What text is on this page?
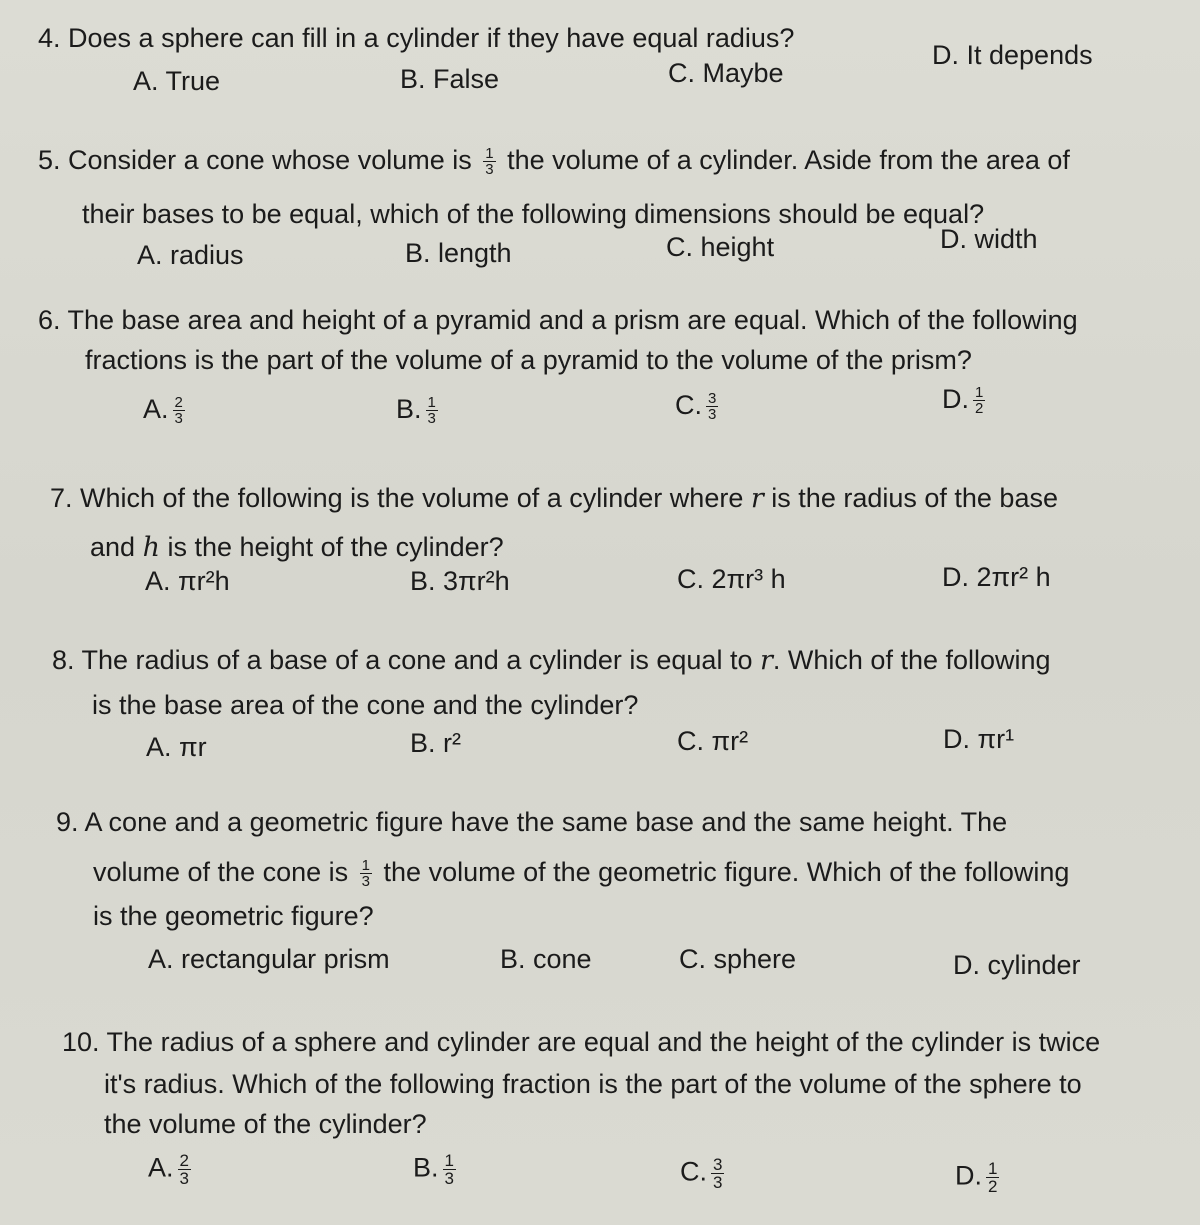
4. Does a sphere can fill in a cylinder if they have equal radius?
A. True	B. False	C. Maybe
D. It depends
5. Consider a cone whose volume is $\frac{1}{3}$ the volume of a cylinder. Aside from the area of
their bases to be equal, which of the following dimensions should be equal?
A. radius	B. length	C. height	D. width
6. The base area and height of a pyramid and a prism are equal. Which of the following
fractions is the part of the volume of a pyramid to the volume of the prism?
A. $\frac{2}{3}$	B. $\frac{1}{3}$	C. $\frac{3}{3}$	D. $\frac{1}{2}$
7. Which of the following is the volume of a cylinder where r is the radius of the base
and h is the height of the cylinder?
A. πr²h	B. 3πr²h	C. 2πr³ h	D. 2πr² h
8. The radius of a base of a cone and a cylinder is equal to r. Which of the following
is the base area of the cone and the cylinder?
A. πr	B. r²	C. πr²	D. πr¹
9. A cone and a geometric figure have the same base and the same height. The
volume of the cone is $\frac{1}{3}$ the volume of the geometric figure. Which of the following
is the geometric figure?
A. rectangular prism	B. cone	C. sphere	D. cylinder
10. The radius of a sphere and cylinder are equal and the height of the cylinder is twice
it's radius. Which of the following fraction is the part of the volume of the sphere to
the volume of the cylinder?
A. $\frac{2}{3}$	B. $\frac{1}{3}$	C. $\frac{3}{3}$	D. $\frac{1}{2}$
